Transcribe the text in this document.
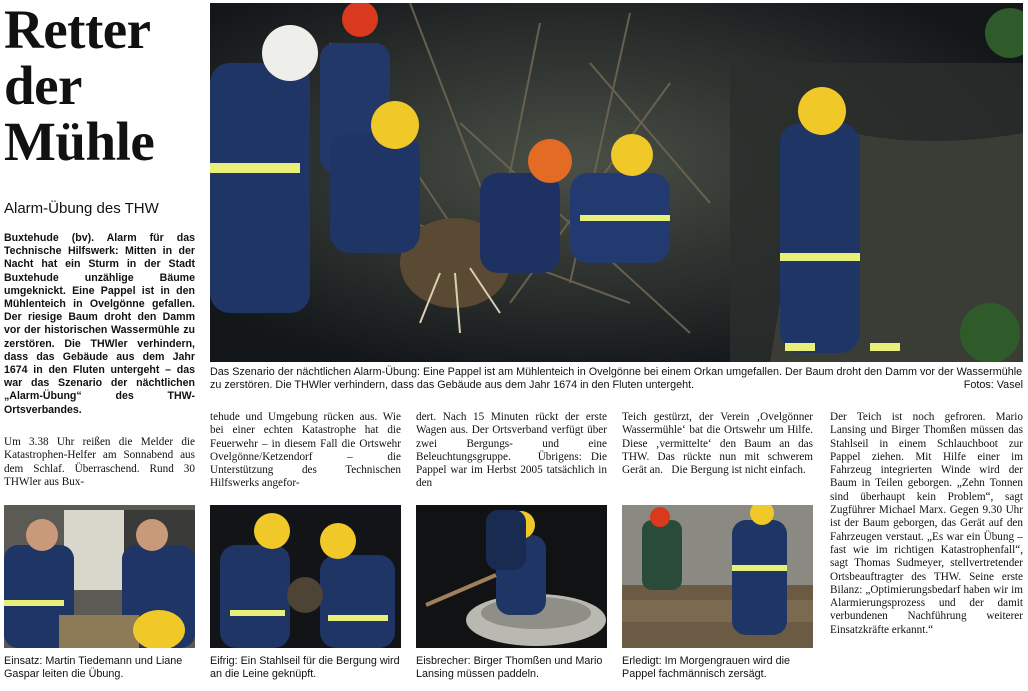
Retter
der
Mühle
Alarm-Übung des THW
Buxtehude (bv). Alarm für das Technische Hilfswerk: Mitten in der Nacht hat ein Sturm in der Stadt Buxtehude unzählige Bäume umgeknickt. Eine Pappel ist in den Mühlenteich in Ovelgönne gefallen. Der riesige Baum droht den Damm vor der historischen Wassermühle zu zerstören. Die THWler verhindern, dass das Gebäude aus dem Jahr 1674 in den Fluten untergeht – das war das Szenario der nächtlichen „Alarm-Übung“ des THW-Ortsverbandes.
Um 3.38 Uhr reißen die Melder die Katastrophen-Helfer am Sonnabend aus dem Schlaf. Überraschend. Rund 30 THWler aus Bux-
tehude und Umgebung rücken aus. Wie bei einer echten Katastrophe hat die Feuerwehr – in diesem Fall die Ortswehr Ovelgönne/Ketzendorf – die Unterstützung des Technischen Hilfswerks angefor-
dert. Nach 15 Minuten rückt der erste Wagen aus. Der Ortsverband verfügt über zwei Bergungs- und eine Beleuchtungsgruppe.   Übrigens: Die Pappel war im Herbst 2005 tatsächlich in den
Teich gestürzt, der Verein ‚Ovelgönner Wassermühle‘ bat die Ortswehr um Hilfe. Diese ‚vermittelte‘ den Baum an das THW. Das rückte nun mit schwerem Gerät an.   Die Bergung ist nicht einfach.
Der Teich ist noch gefroren. Mario Lansing und Birger Thomßen müssen das Stahlseil in einem Schlauchboot zur Pappel ziehen. Mit Hilfe einer im Fahrzeug integrierten Winde wird der Baum in Teilen geborgen. „Zehn Tonnen sind überhaupt kein Problem“, sagt Zugführer Michael Marx. Gegen 9.30 Uhr ist der Baum geborgen, das Gerät auf den Fahrzeugen verstaut. „Es war ein Übung – fast wie im richtigen Katastrophenfall“, sagt Thomas Sudmeyer, stellvertretender Ortsbeauftragter des THW. Seine erste Bilanz: „Optimierungsbedarf haben wir im Alarmierungsprozess und der damit verbundenen Nachführung weiterer Einsatzkräfte erkannt.“
Das Szenario der nächtlichen Alarm-Übung: Eine Pappel ist am Mühlenteich in Ovelgönne bei einem Orkan umgefallen. Der Baum droht den Damm vor der Wassermühle zu zerstören. Die THWler verhindern, dass das Gebäude aus dem Jahr 1674 in den Fluten untergeht.	Fotos: Vasel
Einsatz: Martin Tiedemann und Liane Gaspar leiten die Übung.
Eifrig: Ein Stahlseil für die Bergung wird an die Leine geknüpft.
Eisbrecher: Birger Thomßen und Mario Lansing müssen paddeln.
Erledigt: Im Morgengrauen wird die Pappel fachmännisch zersägt.
